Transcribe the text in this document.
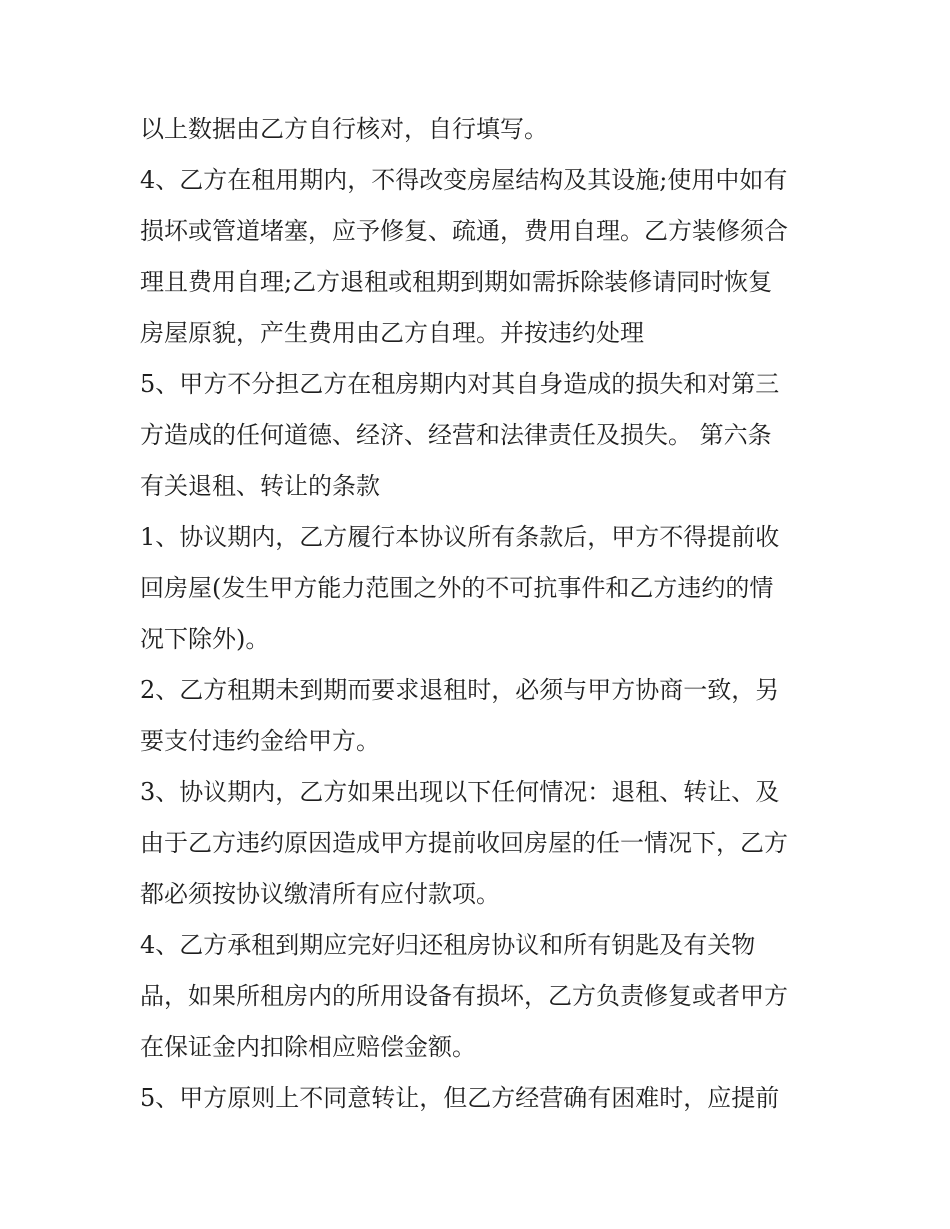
以上数据由乙方自行核对，自行填写。
4、乙方在租用期内，不得改变房屋结构及其设施;使用中如有
损坏或管道堵塞，应予修复、疏通，费用自理。乙方装修须合
理且费用自理;乙方退租或租期到期如需拆除装修请同时恢复
房屋原貌，产生费用由乙方自理。并按违约处理
5、甲方不分担乙方在租房期内对其自身造成的损失和对第三
方造成的任何道德、经济、经营和法律责任及损失。 第六条
有关退租、转让的条款
1、协议期内，乙方履行本协议所有条款后，甲方不得提前收
回房屋(发生甲方能力范围之外的不可抗事件和乙方违约的情
况下除外)。
2、乙方租期未到期而要求退租时，必须与甲方协商一致，另
要支付违约金给甲方。
3、协议期内，乙方如果出现以下任何情况：退租、转让、及
由于乙方违约原因造成甲方提前收回房屋的任一情况下，乙方
都必须按协议缴清所有应付款项。
4、乙方承租到期应完好归还租房协议和所有钥匙及有关物
品，如果所租房内的所用设备有损坏，乙方负责修复或者甲方
在保证金内扣除相应赔偿金额。
5、甲方原则上不同意转让，但乙方经营确有困难时，应提前
